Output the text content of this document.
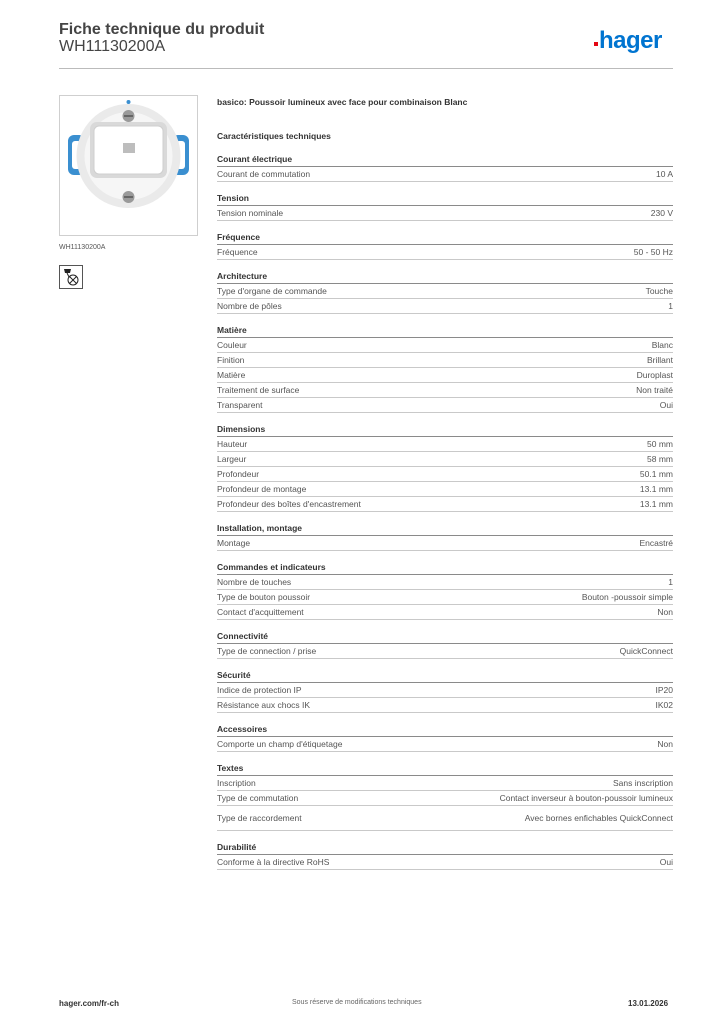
Fiche technique du produit
WH11130200A	hager
WH11130200A
basico: Poussoir lumineux avec face pour combinaison Blanc
Caractéristiques techniques
Courant électrique
Courant de commutation	10 A
Tension
Tension nominale	230 V
Fréquence
Fréquence	50 - 50 Hz
Architecture
Type d'organe de commande	Touche
Nombre de pôles	1
Matière
Couleur	Blanc
Finition	Brillant
Matière	Duroplast
Traitement de surface	Non traité
Transparent	Oui
Dimensions
Hauteur	50 mm
Largeur	58 mm
Profondeur	50.1 mm
Profondeur de montage	13.1 mm
Profondeur des boîtes d'encastrement	13.1 mm
Installation, montage
Montage	Encastré
Commandes et indicateurs
Nombre de touches	1
Type de bouton poussoir	Bouton -poussoir simple
Contact d'acquittement	Non
Connectivité
Type de connection / prise	QuickConnect
Sécurité
Indice de protection IP	IP20
Résistance aux chocs IK	IK02
Accessoires
Comporte un champ d'étiquetage	Non
Textes
Inscription	Sans inscription
Type de commutation	Contact inverseur à bouton-poussoir lumineux
Type de raccordement	Avec bornes enfichables QuickConnect
Durabilité
Conforme à la directive RoHS	Oui
hager.com/fr-ch	Sous réserve de modifications techniques	13.01.2026
